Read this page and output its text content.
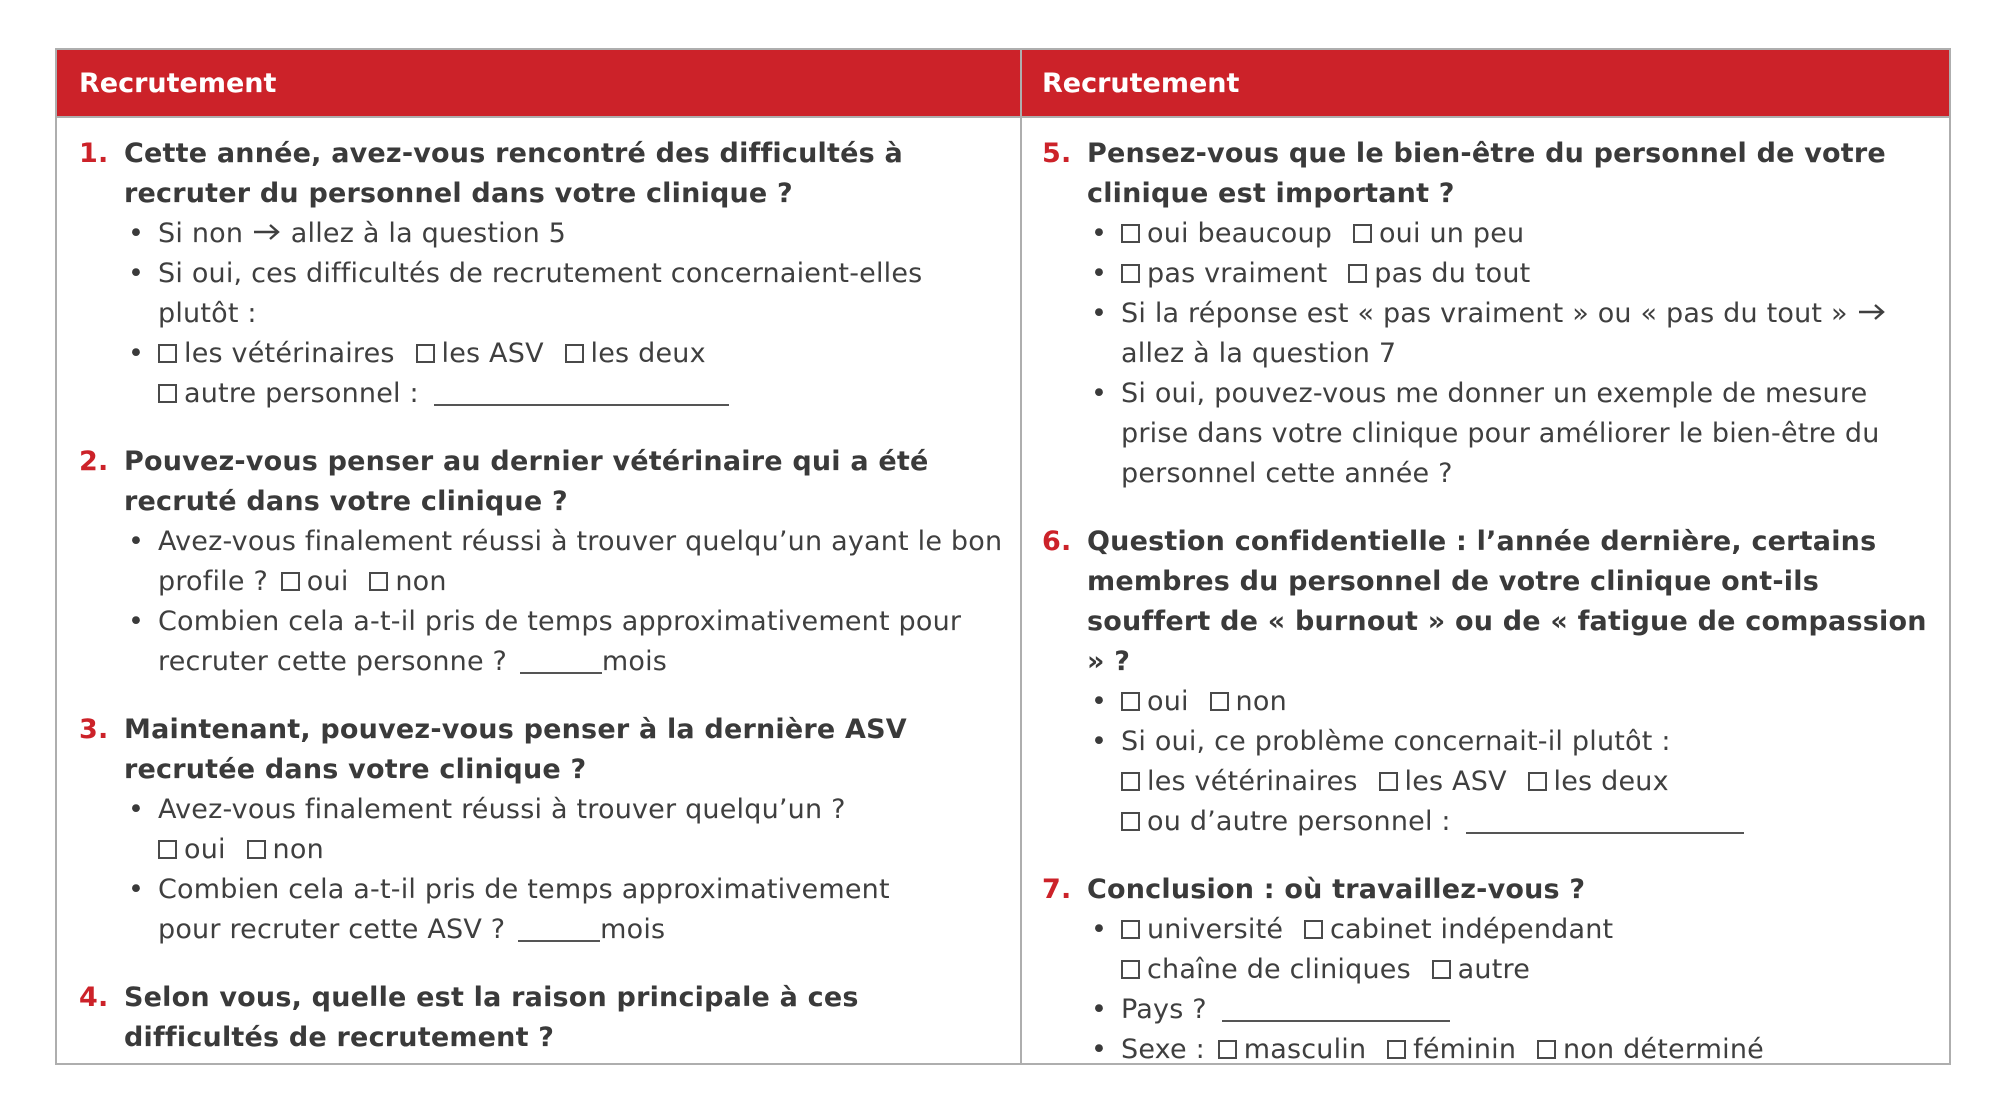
Recrutement
1. Cette année, avez-vous rencontré des difficultés à recruter du personnel dans votre clinique ?
• Si non allez à la question 5
• Si oui, ces difficultés de recrutement concernaient-elles plutôt :
• les vétérinaires les ASV les deux
autre personnel :
2. Pouvez-vous penser au dernier vétérinaire qui a été recruté dans votre clinique ?
• Avez-vous finalement réussi à trouver quelqu’un ayant le bon profile ? oui non
• Combien cela a-t-il pris de temps approximativement pour recruter cette personne ?	mois
3. Maintenant, pouvez-vous penser à la dernière ASV recrutée dans votre clinique ?
• Avez-vous finalement réussi à trouver quelqu’un ?
oui non
• Combien cela a-t-il pris de temps approximativement
pour recruter cette ASV ?	mois
4. Selon vous, quelle est la raison principale à ces difficultés de recrutement ?
Recrutement
5. Pensez-vous que le bien-être du personnel de votre clinique est important ?
• oui beaucoup oui un peu
• pas vraiment pas du tout
• Si la réponse est « pas vraiment » ou « pas du tout »  allez à la question 7
• Si oui, pouvez-vous me donner un exemple de mesure prise dans votre clinique pour améliorer le bien-être du personnel cette année ?
6. Question confidentielle : l’année dernière, certains membres du personnel de votre clinique ont-ils souffert de « burnout » ou de « fatigue de compassion » ?
• oui non
• Si oui, ce problème concernait-il plutôt :
les vétérinaires les ASV les deux
ou d’autre personnel :
7. Conclusion : où travaillez-vous ?
• université cabinet indépendant
chaîne de cliniques autre
• Pays ?
• Sexe : masculin féminin non déterminé
